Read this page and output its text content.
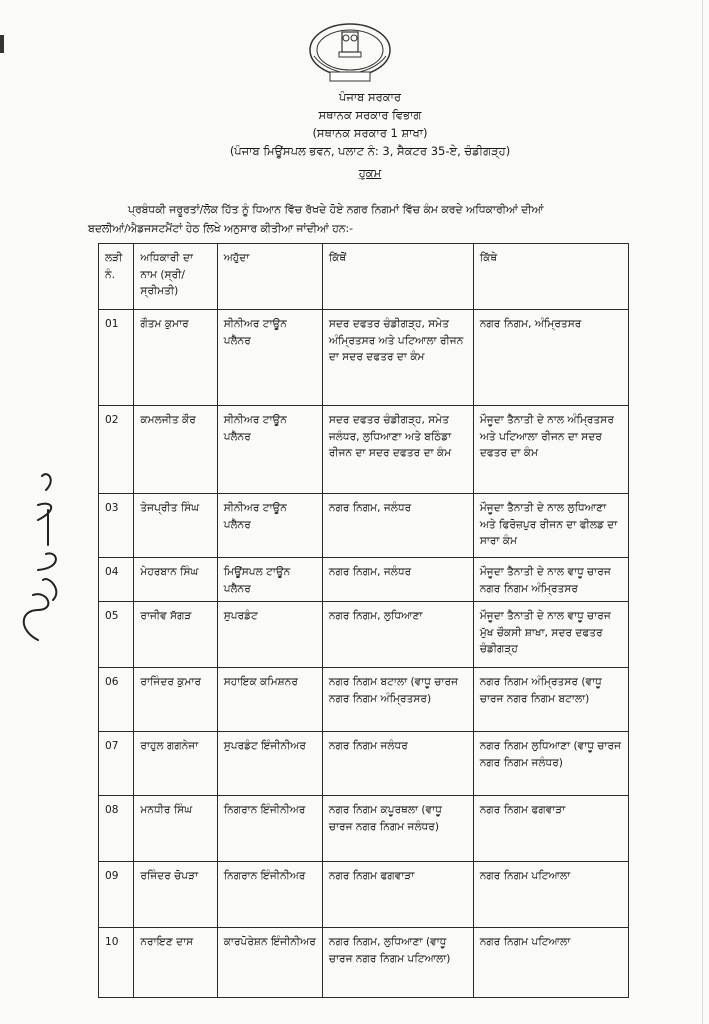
ਪੰਜਾਬ ਸਰਕਾਰ
ਸਥਾਨਕ ਸਰਕਾਰ ਵਿਭਾਗ
(ਸਥਾਨਕ ਸਰਕਾਰ 1 ਸ਼ਾਖਾ)
(ਪੰਜਾਬ ਮਿਊਂਸਪਲ ਭਵਨ, ਪਲਾਟ ਨੰ: 3, ਸੈਕਟਰ 35-ਏ, ਚੰਡੀਗੜ੍ਹ)
ਹੁਕਮ
ਪ੍ਰਬੰਧਕੀ ਜਰੂਰਤਾਂ/ਲੋਕ ਹਿੱਤ ਨੂੰ ਧਿਆਨ ਵਿੱਚ ਰੱਖਦੇ ਹੋਏ ਨਗਰ ਨਿਗਮਾਂ ਵਿੱਚ ਕੰਮ ਕਰਦੇ ਅਧਿਕਾਰੀਆਂ ਦੀਆਂ
ਬਦਲੀਆਂ/ਐਡਜਸਟਮੈਂਟਾਂ ਹੇਠ ਲਿਖੇ ਅਨੁਸਾਰ ਕੀਤੀਆ ਜਾਂਦੀਆਂ ਹਨ:-
ਲੜੀ ਨੰ.	ਅਧਿਕਾਰੀ ਦਾ ਨਾਮ (ਸ੍ਰੀ/ਸ੍ਰੀਮਤੀ)	ਅਹੁੱਦਾ	ਕਿੱਥੋਂ	ਕਿੱਥੇ
01	ਗੌਤਮ ਕੁਮਾਰ	ਸੀਨੀਅਰ ਟਾਊਨ ਪਲੈਨਰ	ਸਦਰ ਦਫਤਰ ਚੰਡੀਗੜ੍ਹ, ਸਮੇਤ ਅੰਮ੍ਰਿਤਸਰ ਅਤੇ ਪਟਿਆਲਾ ਰੀਜਨ ਦਾ ਸਦਰ ਦਫਤਰ ਦਾ ਕੰਮ	ਨਗਰ ਨਿਗਮ, ਅੰਮ੍ਰਿਤਸਰ
02	ਕਮਲਜੀਤ ਕੌਰ	ਸੀਨੀਅਰ ਟਾਊਨ ਪਲੈਨਰ	ਸਦਰ ਦਫਤਰ ਚੰਡੀਗੜ੍ਹ, ਸਮੇਤ ਜਲੰਧਰ, ਲੁਧਿਆਣਾ ਅਤੇ ਬਠਿੰਡਾ ਰੀਜਨ ਦਾ ਸਦਰ ਦਫਤਰ ਦਾ ਕੰਮ	ਮੌਜੂਦਾ ਤੈਨਾਤੀ ਦੇ ਨਾਲ ਅੰਮ੍ਰਿਤਸਰ ਅਤੇ ਪਟਿਆਲਾ ਰੀਜਨ ਦਾ ਸਦਰ ਦਫਤਰ ਦਾ ਕੰਮ
03	ਤੇਜਪ੍ਰੀਤ ਸਿੰਘ	ਸੀਨੀਅਰ ਟਾਊਨ ਪਲੈਨਰ	ਨਗਰ ਨਿਗਮ, ਜਲੰਧਰ	ਮੌਜੂਦਾ ਤੈਨਾਤੀ ਦੇ ਨਾਲ ਲੁਧਿਆਣਾ ਅਤੇ ਫਿਰੋਜ਼ਪੁਰ ਰੀਜਨ ਦਾ ਫੀਲਡ ਦਾ ਸਾਰਾ ਕੰਮ
04	ਮੇਹਰਬਾਨ ਸਿੰਘ	ਮਿਊਂਸਪਲ ਟਾਊਨ ਪਲੈਨਰ	ਨਗਰ ਨਿਗਮ, ਜਲੰਧਰ	ਮੌਜੂਦਾ ਤੈਨਾਤੀ ਦੇ ਨਾਲ ਵਾਧੂ ਚਾਰਜ ਨਗਰ ਨਿਗਮ ਅੰਮ੍ਰਿਤਸਰ
05	ਰਾਜੀਵ ਸੱਗੜ	ਸੁਪਰਡੰਟ	ਨਗਰ ਨਿਗਮ, ਲੁਧਿਆਣਾ	ਮੌਜੂਦਾ ਤੈਨਾਤੀ ਦੇ ਨਾਲ ਵਾਧੂ ਚਾਰਜ ਮੁੱਖ ਚੌਕਸੀ ਸ਼ਾਖਾ, ਸਦਰ ਦਫਤਰ ਚੰਡੀਗੜ੍ਹ
06	ਰਾਜਿੰਦਰ ਕੁਮਾਰ	ਸਹਾਇਕ ਕਮਿਸ਼ਨਰ	ਨਗਰ ਨਿਗਮ ਬਟਾਲਾ (ਵਾਧੂ ਚਾਰਜ ਨਗਰ ਨਿਗਮ ਅੰਮ੍ਰਿਤਸਰ)	ਨਗਰ ਨਿਗਮ ਅੰਮ੍ਰਿਤਸਰ (ਵਾਧੂ ਚਾਰਜ ਨਗਰ ਨਿਗਮ ਬਟਾਲਾ)
07	ਰਾਹੁਲ ਗਗਨੇਜਾ	ਸੁਪਰਡੰਟ ਇੰਜੀਨੀਅਰ	ਨਗਰ ਨਿਗਮ ਜਲੰਧਰ	ਨਗਰ ਨਿਗਮ ਲੁਧਿਆਣਾ (ਵਾਧੂ ਚਾਰਜ ਨਗਰ ਨਿਗਮ ਜਲੰਧਰ)
08	ਮਨਧੀਰ ਸਿੰਘ	ਨਿਗਰਾਨ ਇੰਜੀਨੀਅਰ	ਨਗਰ ਨਿਗਮ ਕਪੂਰਥਲਾ (ਵਾਧੂ ਚਾਰਜ ਨਗਰ ਨਿਗਮ ਜਲੰਧਰ)	ਨਗਰ ਨਿਗਮ ਫਗਵਾੜਾ
09	ਰਜਿੰਦਰ ਚੋਪੜਾ	ਨਿਗਰਾਨ ਇੰਜੀਨੀਅਰ	ਨਗਰ ਨਿਗਮ ਫਗਵਾੜਾ	ਨਗਰ ਨਿਗਮ ਪਟਿਆਲਾ
10	ਨਰਾਇਣ ਦਾਸ	ਕਾਰਪੋਰੇਸ਼ਨ ਇੰਜੀਨੀਅਰ	ਨਗਰ ਨਿਗਮ, ਲੁਧਿਆਣਾ (ਵਾਧੂ ਚਾਰਜ ਨਗਰ ਨਿਗਮ ਪਟਿਆਲਾ)	ਨਗਰ ਨਿਗਮ ਪਟਿਆਲਾ
